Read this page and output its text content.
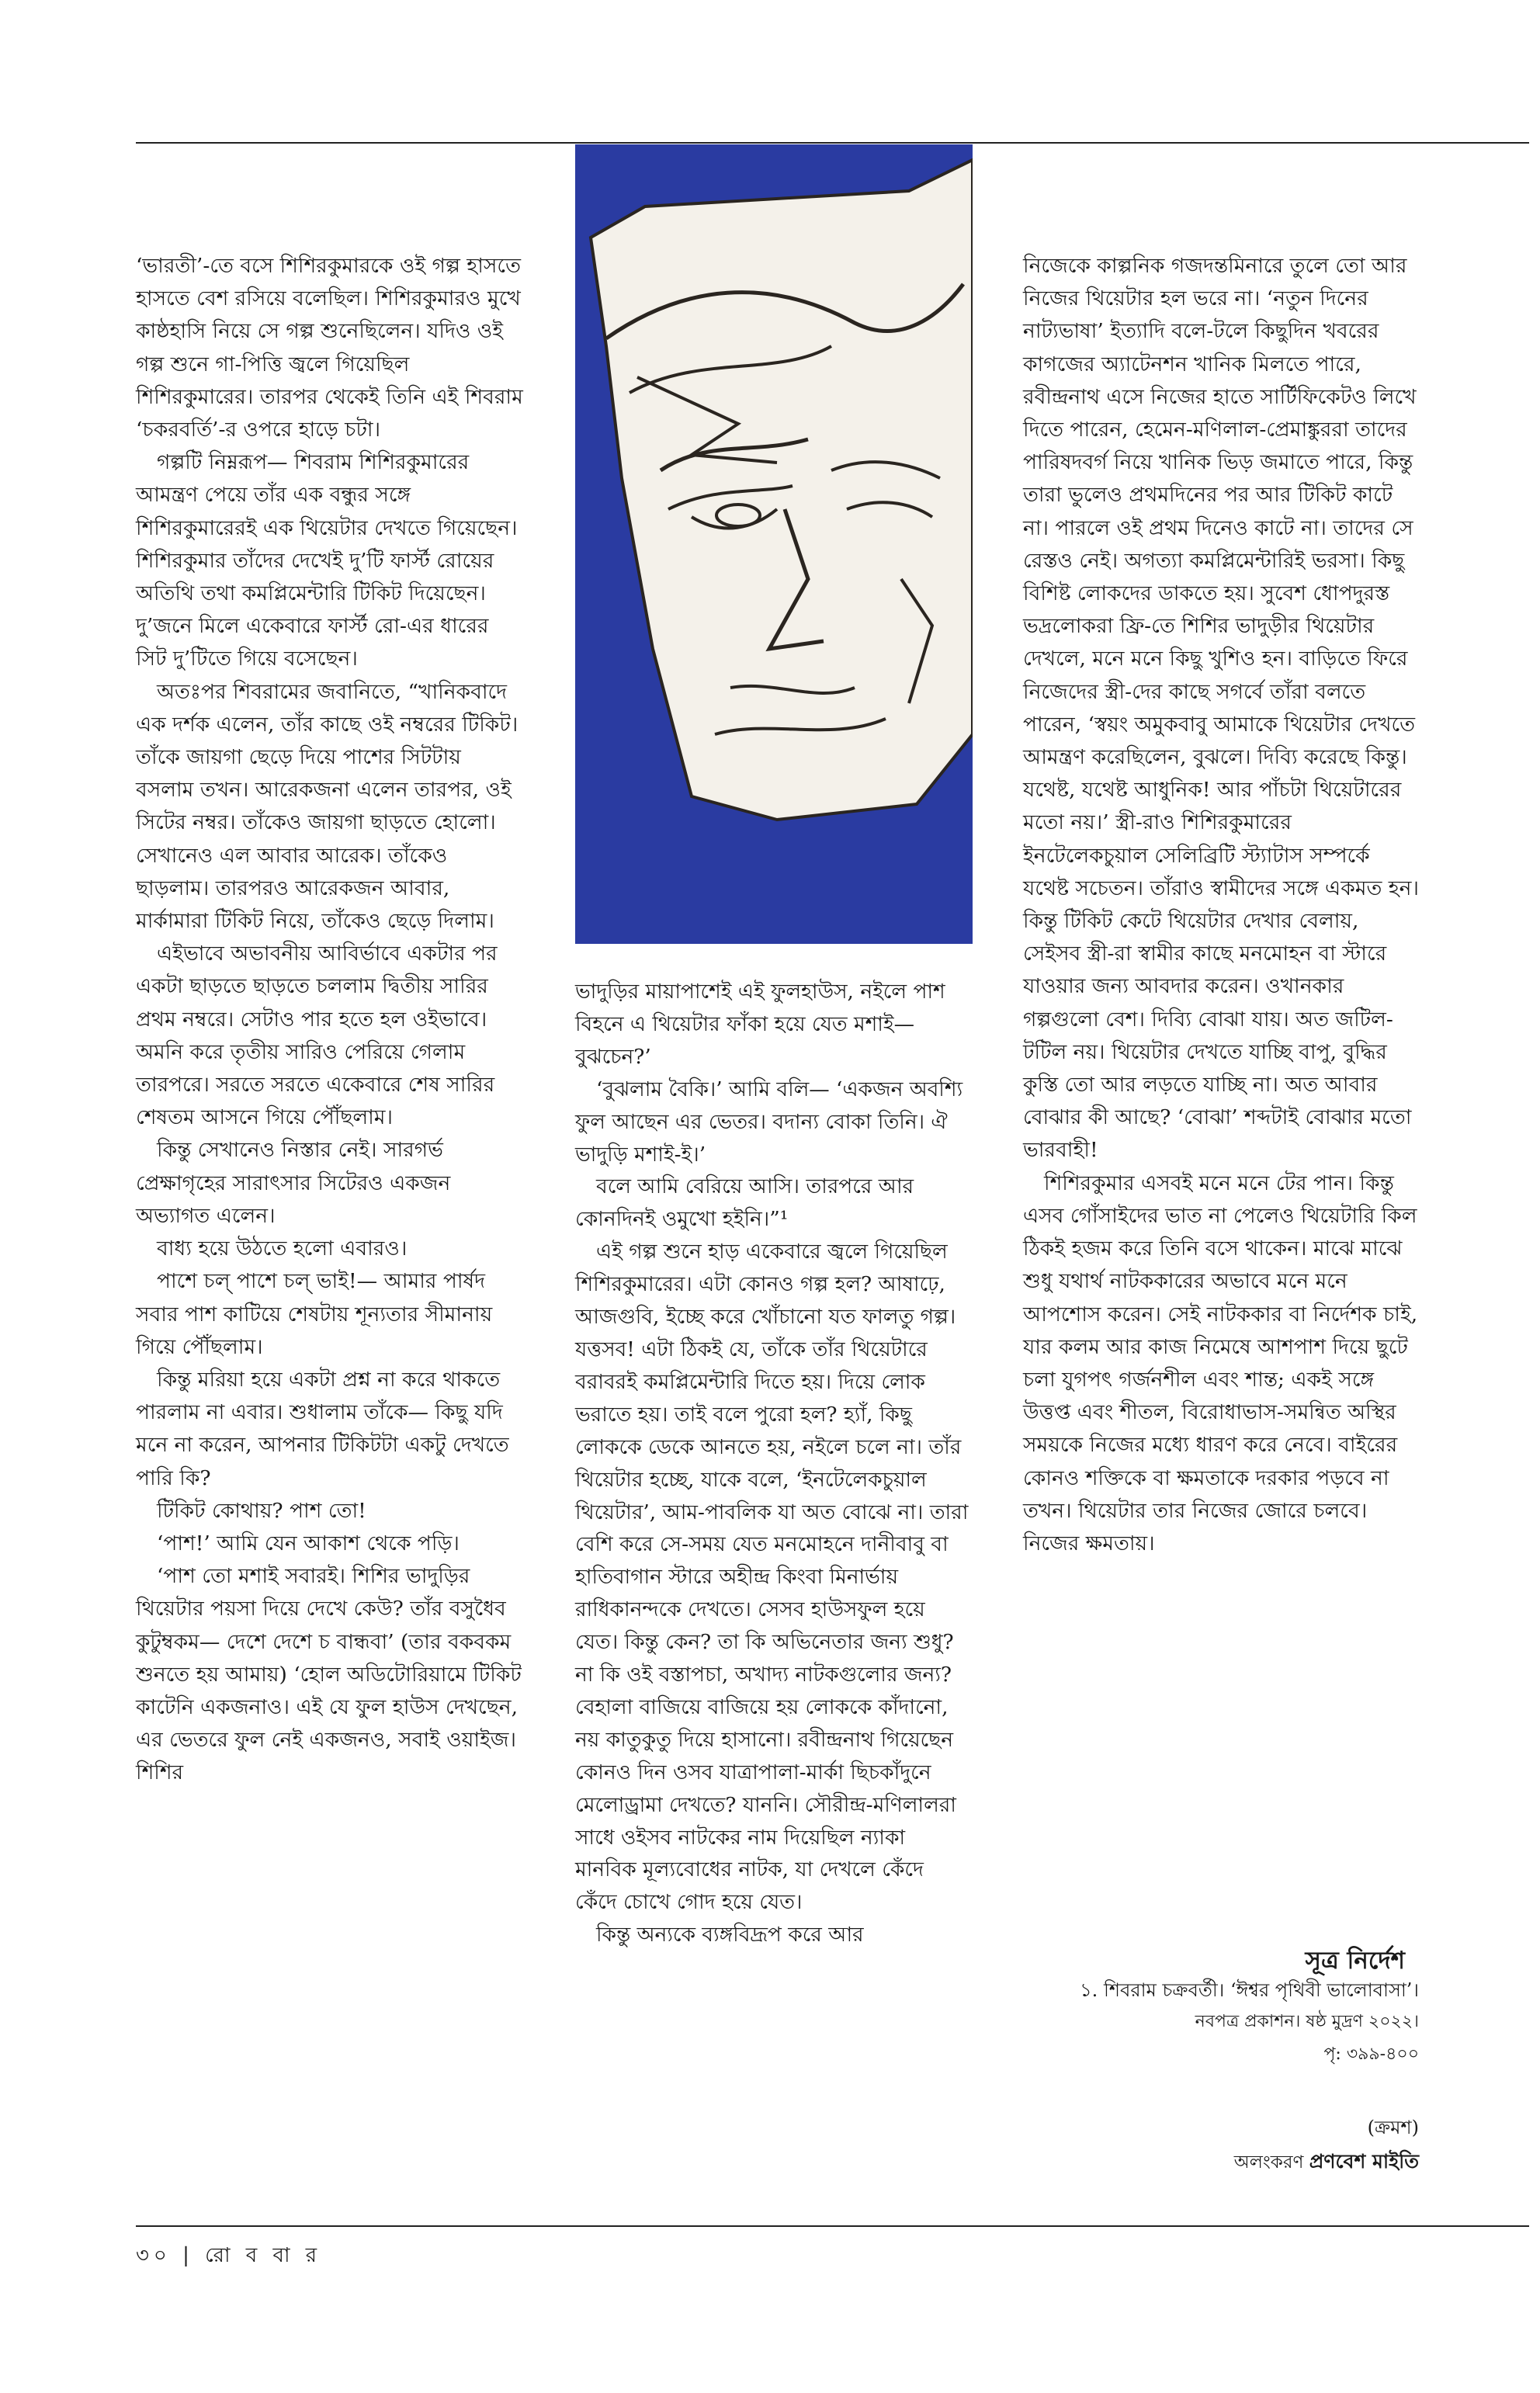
‘ভারতী’-তে বসে শিশিরকুমারকে ওই গল্প হাসতে হাসতে বেশ রসিয়ে বলেছিল। শিশিরকুমারও মুখে কাষ্ঠহাসি নিয়ে সে গল্প শুনেছিলেন। যদিও ওই গল্প শুনে গা-পিত্তি জ্বলে গিয়েছিল শিশিরকুমারের। তারপর থেকেই তিনি এই শিবরাম ‘চকরবর্তি’-র ওপরে হাড়ে চটা।

গল্পটি নিম্নরূপ— শিবরাম শিশিরকুমারের আমন্ত্রণ পেয়ে তাঁর এক বন্ধুর সঙ্গে শিশিরকুমারেরই এক থিয়েটার দেখতে গিয়েছেন। শিশিরকুমার তাঁদের দেখেই দু’টি ফার্স্ট রোয়ের অতিথি তথা কমপ্লিমেন্টারি টিকিট দিয়েছেন। দু’জনে মিলে একেবারে ফার্স্ট রো-এর ধারের সিট দু’টিতে গিয়ে বসেছেন।

অতঃপর শিবরামের জবানিতে, “খানিকবাদে এক দর্শক এলেন, তাঁর কাছে ওই নম্বরের টিকিট। তাঁকে জায়গা ছেড়ে দিয়ে পাশের সিটটায় বসলাম তখন। আরেকজনা এলেন তারপর, ওই সিটের নম্বর। তাঁকেও জায়গা ছাড়তে হোলো। সেখানেও এল আবার আরেক। তাঁকেও ছাড়লাম। তারপরও আরেকজন আবার, মার্কামারা টিকিট নিয়ে, তাঁকেও ছেড়ে দিলাম।

এইভাবে অভাবনীয় আবির্ভাবে একটার পর একটা ছাড়তে ছাড়তে চললাম দ্বিতীয় সারির প্রথম নম্বরে। সেটাও পার হতে হল ওইভাবে। অমনি করে তৃতীয় সারিও পেরিয়ে গেলাম তারপরে। সরতে সরতে একেবারে শেষ সারির শেষতম আসনে গিয়ে পৌঁছলাম।

কিন্তু সেখানেও নিস্তার নেই। সারগর্ভ প্রেক্ষাগৃহের সারাৎসার সিটেরও একজন অভ্যাগত এলেন।

বাধ্য হয়ে উঠতে হলো এবারও।

পাশে চল্‌ পাশে চল্‌ ভাই!— আমার পার্ষদ সবার পাশ কাটিয়ে শেষটায় শূন্যতার সীমানায় গিয়ে পৌঁছলাম।

কিন্তু মরিয়া হয়ে একটা প্রশ্ন না করে থাকতে পারলাম না এবার। শুধালাম তাঁকে— কিছু যদি মনে না করেন, আপনার টিকিটটা একটু দেখতে পারি কি?

টিকিট কোথায়? পাশ তো!

‘পাশ!’ আমি যেন আকাশ থেকে পড়ি।

‘পাশ তো মশাই সবারই। শিশির ভাদুড়ির থিয়েটার পয়সা দিয়ে দেখে কেউ? তাঁর বসুধৈব কুটুম্বকম— দেশে দেশে চ বান্ধবা’ (তার বকবকম শুনতে হয় আমায়) ‘হোল অডিটোরিয়ামে টিকিট কাটেনি একজনাও। এই যে ফুল হাউস দেখছেন, এর ভেতরে ফুল নেই একজনও, সবাই ওয়াইজ। শিশির

ভাদুড়ির মায়াপাশেই এই ফুলহাউস, নইলে পাশ বিহনে এ থিয়েটার ফাঁকা হয়ে যেত মশাই— বুঝচেন?’

‘বুঝলাম বৈকি।’ আমি বলি— ‘একজন অবশ্যি ফুল আছেন এর ভেতর। বদান্য বোকা তিনি। ঐ ভাদুড়ি মশাই-ই।’

বলে আমি বেরিয়ে আসি। তারপরে আর কোনদিনই ওমুখো হইনি।”¹

এই গল্প শুনে হাড় একেবারে জ্বলে গিয়েছিল শিশিরকুমারের। এটা কোনও গল্প হল? আষাঢ়ে, আজগুবি, ইচ্ছে করে খোঁচানো যত ফালতু গল্প। যত্তসব! এটা ঠিকই যে, তাঁকে তাঁর থিয়েটারে বরাবরই কমপ্লিমেন্টারি দিতে হয়। দিয়ে লোক ভরাতে হয়। তাই বলে পুরো হল? হ্যাঁ, কিছু লোককে ডেকে আনতে হয়, নইলে চলে না। তাঁর থিয়েটার হচ্ছে, যাকে বলে, ‘ইনটেলেকচুয়াল থিয়েটার’, আম-পাবলিক যা অত বোঝে না। তারা বেশি করে সে-সময় যেত মনমোহনে দানীবাবু বা হাতিবাগান স্টারে অহীন্দ্র কিংবা মিনার্ভায় রাধিকানন্দকে দেখতে। সেসব হাউসফুল হয়ে যেত। কিন্তু কেন? তা কি অভিনেতার জন্য শুধু? না কি ওই বস্তাপচা, অখাদ্য নাটকগুলোর জন্য? বেহালা বাজিয়ে বাজিয়ে হয় লোককে কাঁদানো, নয় কাতুকুতু দিয়ে হাসানো। রবীন্দ্রনাথ গিয়েছেন কোনও দিন ওসব যাত্রাপালা-মার্কা ছিচকাঁদুনে মেলোড্রামা দেখতে? যাননি। সৌরীন্দ্র-মণিলালরা সাধে ওইসব নাটকের নাম দিয়েছিল ন্যাকা মানবিক মূল্যবোধের নাটক, যা দেখলে কেঁদে কেঁদে চোখে গোদ হয়ে যেত।

কিন্তু অন্যকে ব্যঙ্গবিদ্রূপ করে আর

নিজেকে কাল্পনিক গজদন্তমিনারে তুলে তো আর নিজের থিয়েটার হল ভরে না। ‘নতুন দিনের নাট্যভাষা’ ইত্যাদি বলে-টলে কিছুদিন খবরের কাগজের অ্যাটেনশন খানিক মিলতে পারে, রবীন্দ্রনাথ এসে নিজের হাতে সার্টিফিকেটও লিখে দিতে পারেন, হেমেন-মণিলাল-প্রেমাঙ্কুররা তাদের পারিষদবর্গ নিয়ে খানিক ভিড় জমাতে পারে, কিন্তু তারা ভুলেও প্রথমদিনের পর আর টিকিট কাটে না। পারলে ওই প্রথম দিনেও কাটে না। তাদের সে রেস্তও নেই। অগত্যা কমপ্লিমেন্টারিই ভরসা। কিছু বিশিষ্ট লোকদের ডাকতে হয়। সুবেশ ধোপদুরস্ত ভদ্রলোকরা ফ্রি-তে শিশির ভাদুড়ীর থিয়েটার দেখলে, মনে মনে কিছু খুশিও হন। বাড়িতে ফিরে নিজেদের স্ত্রী-দের কাছে সগর্বে তাঁরা বলতে পারেন, ‘স্বয়ং অমুকবাবু আমাকে থিয়েটার দেখতে আমন্ত্রণ করেছিলেন, বুঝলে। দিব্যি করেছে কিন্তু। যথেষ্ট, যথেষ্ট আধুনিক! আর পাঁচটা থিয়েটারের মতো নয়।’ স্ত্রী-রাও শিশিরকুমারের ইনটেলেকচুয়াল সেলিব্রিটি স্ট্যাটাস সম্পর্কে যথেষ্ট সচেতন। তাঁরাও স্বামীদের সঙ্গে একমত হন। কিন্তু টিকিট কেটে থিয়েটার দেখার বেলায়, সেইসব স্ত্রী-রা স্বামীর কাছে মনমোহন বা স্টারে যাওয়ার জন্য আবদার করেন। ওখানকার গল্পগুলো বেশ। দিব্যি বোঝা যায়। অত জটিল-টটিল নয়। থিয়েটার দেখতে যাচ্ছি বাপু, বুদ্ধির কুস্তি তো আর লড়তে যাচ্ছি না। অত আবার বোঝার কী আছে? ‘বোঝা’ শব্দটাই বোঝার মতো ভারবাহী!

শিশিরকুমার এসবই মনে মনে টের পান। কিন্তু এসব গোঁসাইদের ভাত না পেলেও থিয়েটারি কিল ঠিকই হজম করে তিনি বসে থাকেন। মাঝে মাঝে শুধু যথার্থ নাটককারের অভাবে মনে মনে আপশোস করেন। সেই নাটককার বা নির্দেশক চাই, যার কলম আর কাজ নিমেষে আশপাশ দিয়ে ছুটে চলা যুগপৎ গর্জনশীল এবং শান্ত; একই সঙ্গে উত্তপ্ত এবং শীতল, বিরোধাভাস-সমন্বিত অস্থির সময়কে নিজের মধ্যে ধারণ করে নেবে। বাইরের কোনও শক্তিকে বা ক্ষমতাকে দরকার পড়বে না তখন। থিয়েটার তার নিজের জোরে চলবে। নিজের ক্ষমতায়।

সূত্র নির্দেশ
১. শিবরাম চক্রবর্তী। ‘ঈশ্বর পৃথিবী ভালোবাসা’।
নবপত্র প্রকাশন। ষষ্ঠ মুদ্রণ ২০২২।
পৃ: ৩৯৯-৪০০
(ক্রমশ)
অলংকরণ প্রণবেশ মাইতি
৩০ | রো ব বা র
